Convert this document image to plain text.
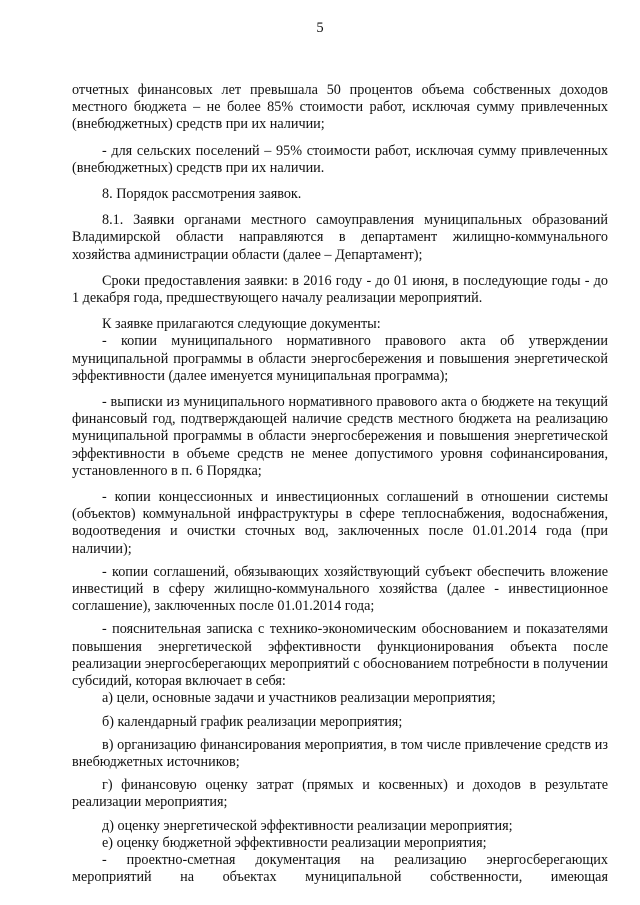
5

отчетных финансовых лет превышала 50 процентов объема собственных доходов местного бюджета – не более 85% стоимости работ, исключая сумму привлеченных (внебюджетных) средств при их наличии;

- для сельских поселений – 95% стоимости работ, исключая сумму привлеченных (внебюджетных) средств при их наличии.

8. Порядок рассмотрения заявок.

8.1. Заявки органами местного самоуправления муниципальных образований Владимирской области направляются в департамент жилищно-коммунального хозяйства администрации области (далее – Департамент);

Сроки предоставления заявки: в 2016 году - до 01 июня, в последующие годы - до 1 декабря года, предшествующего началу реализации мероприятий.

К заявке прилагаются следующие документы:

- копии муниципального нормативного правового акта об утверждении муниципальной программы в области энергосбережения и повышения энергетической эффективности (далее именуется муниципальная программа);

- выписки из муниципального нормативного правового акта о бюджете на текущий финансовый год, подтверждающей наличие средств местного бюджета на реализацию муниципальной программы в области энергосбережения и повышения энергетической эффективности в объеме средств не менее допустимого уровня софинансирования, установленного в п. 6 Порядка;

- копии концессионных и инвестиционных соглашений в отношении системы (объектов) коммунальной инфраструктуры в сфере теплоснабжения, водоснабжения, водоотведения и очистки сточных вод, заключенных после 01.01.2014 года (при наличии);

- копии соглашений, обязывающих хозяйствующий субъект обеспечить вложение инвестиций в сферу жилищно-коммунального хозяйства (далее - инвестиционное соглашение), заключенных после 01.01.2014 года;

- пояснительная записка с технико-экономическим обоснованием и показателями повышения энергетической эффективности функционирования объекта после реализации энергосберегающих мероприятий с обоснованием потребности в получении субсидий, которая включает в себя:

а) цели, основные задачи и участников реализации мероприятия;

б) календарный график реализации мероприятия;

в) организацию финансирования мероприятия, в том числе привлечение средств из внебюджетных источников;

г) финансовую оценку затрат (прямых и косвенных) и доходов в результате реализации мероприятия;

д) оценку энергетической эффективности реализации мероприятия;

е) оценку бюджетной эффективности реализации мероприятия;

- проектно-сметная документация на реализацию энергосберегающих мероприятий на объектах муниципальной собственности, имеющая
